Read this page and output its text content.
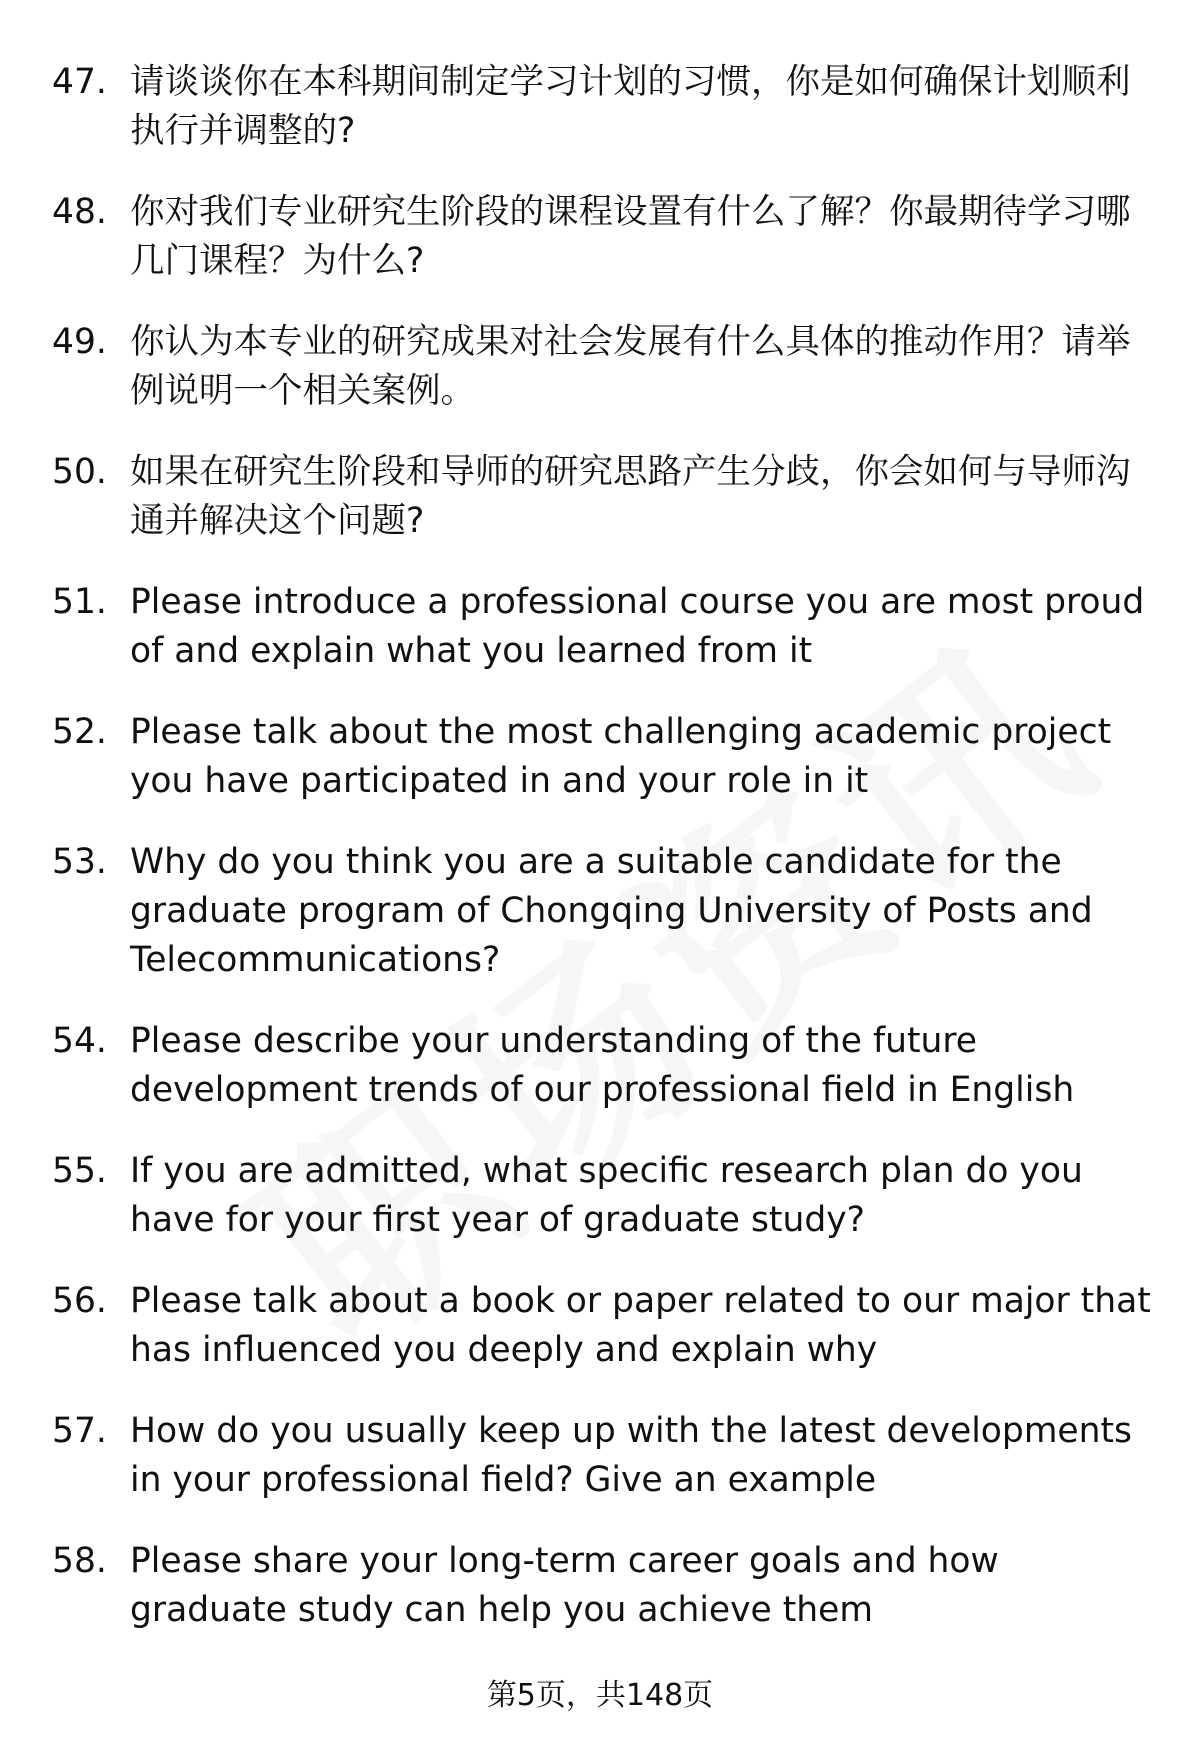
47. 请谈谈你在本科期间制定学习计划的习惯，你是如何确保计划顺利执行并调整的?
48. 你对我们专业研究生阶段的课程设置有什么了解？你最期待学习哪几门课程？为什么?
49. 你认为本专业的研究成果对社会发展有什么具体的推动作用？请举例说明一个相关案例。
50. 如果在研究生阶段和导师的研究思路产生分歧，你会如何与导师沟通并解决这个问题?
51. Please introduce a professional course you are most proud of and explain what you learned from it
52. Please talk about the most challenging academic project you have participated in and your role in it
53. Why do you think you are a suitable candidate for the graduate program of Chongqing University of Posts and Telecommunications?
54. Please describe your understanding of the future development trends of our professional field in English
55. If you are admitted, what specific research plan do you have for your first year of graduate study?
56. Please talk about a book or paper related to our major that has influenced you deeply and explain why
57. How do you usually keep up with the latest developments in your professional field? Give an example
58. Please share your long-term career goals and how graduate study can help you achieve them
第5页，共148页
